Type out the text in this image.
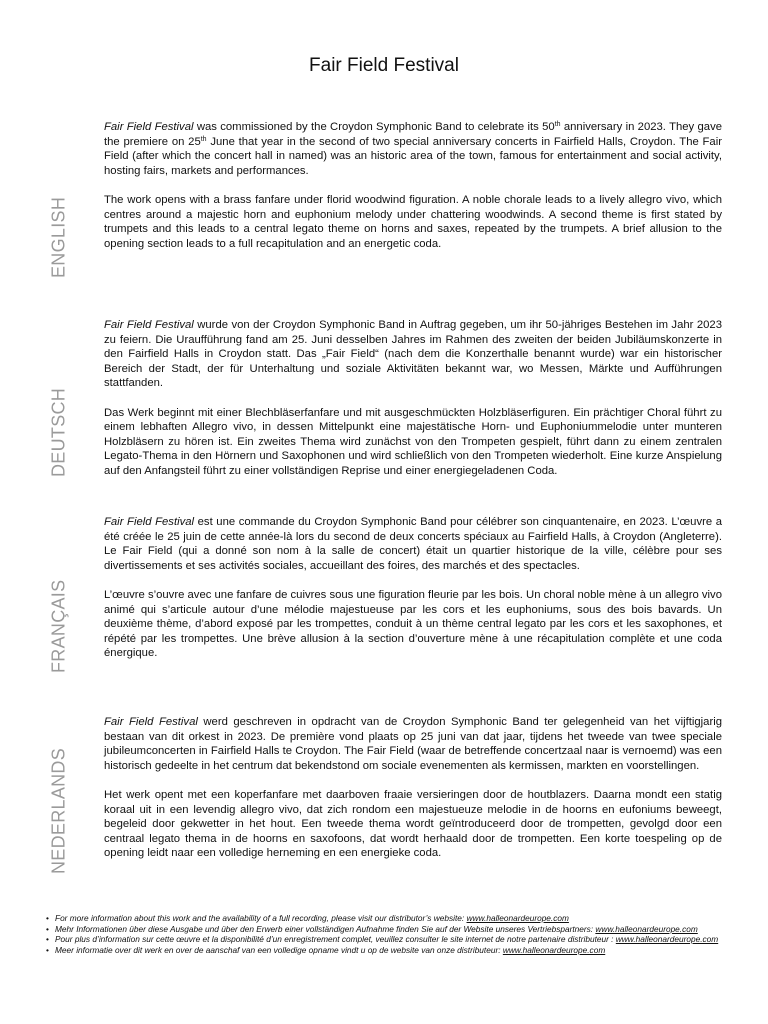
Fair Field Festival
ENGLISH

Fair Field Festival was commissioned by the Croydon Symphonic Band to celebrate its 50th anniversary in 2023. They gave the premiere on 25th June that year in the second of two special anniversary concerts in Fairfield Halls, Croydon. The Fair Field (after which the concert hall in named) was an historic area of the town, famous for entertainment and social activity, hosting fairs, markets and performances.

The work opens with a brass fanfare under florid woodwind figuration. A noble chorale leads to a lively allegro vivo, which centres around a majestic horn and euphonium melody under chattering woodwinds. A second theme is first stated by trumpets and this leads to a central legato theme on horns and saxes, repeated by the trumpets. A brief allusion to the opening section leads to a full recapitulation and an energetic coda.

DEUTSCH

Fair Field Festival wurde von der Croydon Symphonic Band in Auftrag gegeben, um ihr 50-jähriges Bestehen im Jahr 2023 zu feiern. Die Uraufführung fand am 25. Juni desselben Jahres im Rahmen des zweiten der beiden Jubiläumskonzerte in den Fairfield Halls in Croydon statt. Das „Fair Field“ (nach dem die Konzerthalle benannt wurde) war ein historischer Bereich der Stadt, der für Unterhaltung und soziale Aktivitäten bekannt war, wo Messen, Märkte und Aufführungen stattfanden.

Das Werk beginnt mit einer Blechbläserfanfare und mit ausgeschmückten Holzbläserfiguren. Ein prächtiger Choral führt zu einem lebhaften Allegro vivo, in dessen Mittelpunkt eine majestätische Horn- und Euphoniummelodie unter munteren Holzbläsern zu hören ist. Ein zweites Thema wird zunächst von den Trompeten gespielt, führt dann zu einem zentralen Legato-Thema in den Hörnern und Saxophonen und wird schließlich von den Trompeten wiederholt. Eine kurze Anspielung auf den Anfangsteil führt zu einer vollständigen Reprise und einer energiegeladenen Coda.

FRANÇAIS

Fair Field Festival est une commande du Croydon Symphonic Band pour célébrer son cinquantenaire, en 2023. L’œuvre a été créée le 25 juin de cette année-là lors du second de deux concerts spéciaux au Fairfield Halls, à Croydon (Angleterre). Le Fair Field (qui a donné son nom à la salle de concert) était un quartier historique de la ville, célèbre pour ses divertissements et ses activités sociales, accueillant des foires, des marchés et des spectacles.

L’œuvre s’ouvre avec une fanfare de cuivres sous une figuration fleurie par les bois. Un choral noble mène à un allegro vivo animé qui s’articule autour d’une mélodie majestueuse par les cors et les euphoniums, sous des bois bavards. Un deuxième thème, d’abord exposé par les trompettes, conduit à un thème central legato par les cors et les saxophones, et répété par les trompettes. Une brève allusion à la section d’ouverture mène à une récapitulation complète et une coda énergique.

NEDERLANDS

Fair Field Festival werd geschreven in opdracht van de Croydon Symphonic Band ter gelegenheid van het vijftigjarig bestaan van dit orkest in 2023. De première vond plaats op 25 juni van dat jaar, tijdens het tweede van twee speciale jubileumconcerten in Fairfield Halls te Croydon. The Fair Field (waar de betreffende concertzaal naar is vernoemd) was een historisch gedeelte in het centrum dat bekendstond om sociale evenementen als kermissen, markten en voorstellingen.

Het werk opent met een koperfanfare met daarboven fraaie versieringen door de houtblazers. Daarna mondt een statig koraal uit in een levendig allegro vivo, dat zich rondom een majestueuze melodie in de hoorns en eufoniums beweegt, begeleid door gekwetter in het hout. Een tweede thema wordt geïntroduceerd door de trompetten, gevolgd door een centraal legato thema in de hoorns en saxofoons, dat wordt herhaald door de trompetten. Een korte toespeling op de opening leidt naar een volledige herneming en een energieke coda.

• For more information about this work and the availability of a full recording, please visit our distributor’s website: www.halleonardeurope.com
• Mehr Informationen über diese Ausgabe und über den Erwerb einer vollständigen Aufnahme finden Sie auf der Website unseres Vertriebspartners: www.halleonardeurope.com
• Pour plus d’information sur cette œuvre et la disponibilité d’un enregistrement complet, veuillez consulter le site internet de notre partenaire distributeur : www.halleonardeurope.com
• Meer informatie over dit werk en over de aanschaf van een volledige opname vindt u op de website van onze distributeur: www.halleonardeurope.com
